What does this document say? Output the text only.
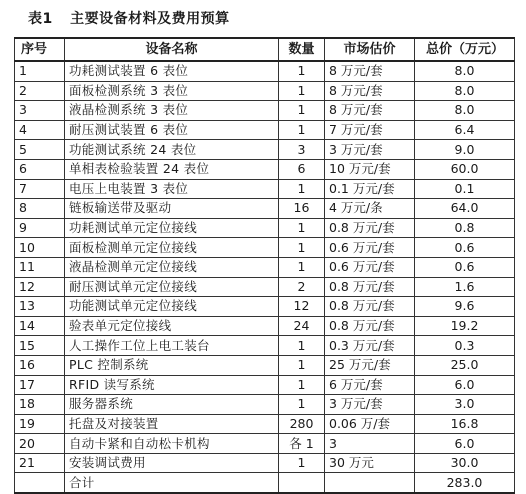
表1 主要设备材料及费用预算
序号	设备名称	数量	市场估价	总价（万元）
1	功耗测试装置 6 表位	1	8 万元/套	8.0
2	面板检测系统 3 表位	1	8 万元/套	8.0
3	液晶检测系统 3 表位	1	8 万元/套	8.0
4	耐压测试装置 6 表位	1	7 万元/套	6.4
5	功能测试系统 24 表位	3	3 万元/套	9.0
6	单相表检验装置 24 表位	6	10 万元/套	60.0
7	电压上电装置 3 表位	1	0.1 万元/套	0.1
8	链板输送带及驱动	16	4 万元/条	64.0
9	功耗测试单元定位接线	1	0.8 万元/套	0.8
10	面板检测单元定位接线	1	0.6 万元/套	0.6
11	液晶检测单元定位接线	1	0.6 万元/套	0.6
12	耐压测试单元定位接线	2	0.8 万元/套	1.6
13	功能测试单元定位接线	12	0.8 万元/套	9.6
14	验表单元定位接线	24	0.8 万元/套	19.2
15	人工操作工位上电工装台	1	0.3 万元/套	0.3
16	PLC 控制系统	1	25 万元/套	25.0
17	RFID 读写系统	1	6 万元/套	6.0
18	服务器系统	1	3 万元/套	3.0
19	托盘及对接装置	280	0.06 万/套	16.8
20	自动卡紧和自动松卡机构	各 1	3	6.0
21	安装调试费用	1	30 万元	30.0
	合计			283.0
